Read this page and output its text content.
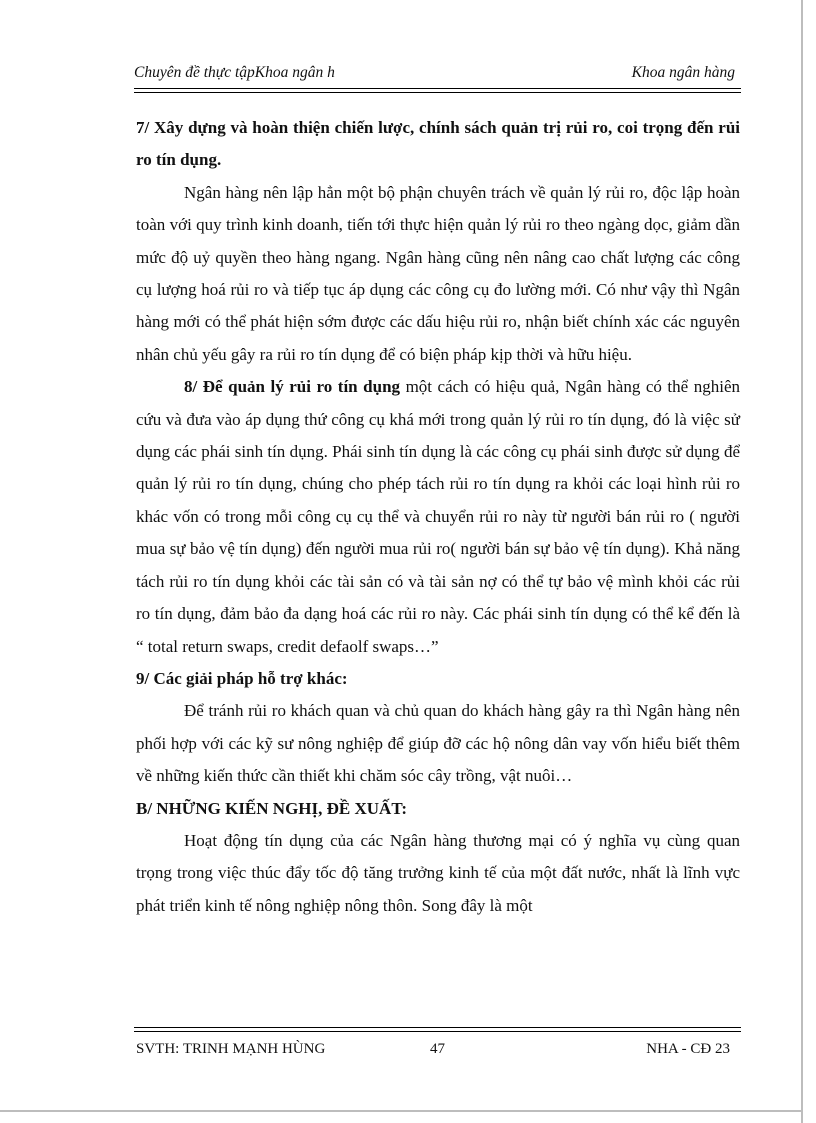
Chuyên đề thực tậpKhoa ngân h	Khoa ngân hàng

7/ Xây dựng và hoàn thiện chiến lược, chính sách quản trị rủi ro, coi trọng đến rủi ro tín dụng.

Ngân hàng nên lập hẳn một bộ phận chuyên trách về quản lý rủi ro, độc lập hoàn toàn với quy trình kinh doanh, tiến tới thực hiện quản lý rủi ro theo ngàng dọc, giảm dần mức độ uỷ quyền theo hàng ngang. Ngân hàng cũng nên nâng cao chất lượng các công cụ lượng hoá rủi ro và tiếp tục áp dụng các công cụ đo lường mới. Có như vậy thì Ngân hàng mới có thể phát hiện sớm được các dấu hiệu rủi ro, nhận biết chính xác các nguyên nhân chủ yếu gây ra rủi ro tín dụng để có biện pháp kịp thời và hữu hiệu.

8/ Để quản lý rủi ro tín dụng một cách có hiệu quả, Ngân hàng có thể nghiên cứu và đưa vào áp dụng thứ công cụ khá mới trong quản lý rủi ro tín dụng, đó là việc sử dụng các phái sinh tín dụng. Phái sinh tín dụng là các công cụ phái sinh được sử dụng để quản lý rủi ro tín dụng, chúng cho phép tách rủi ro tín dụng ra khỏi các loại hình rủi ro khác vốn có trong mỗi công cụ cụ thể và chuyển rủi ro này từ người bán rủi ro ( người mua sự bảo vệ tín dụng) đến người mua rủi ro( người bán sự bảo vệ tín dụng). Khả năng tách rủi ro tín dụng khỏi các tài sản có và tài sản nợ có thể tự bảo vệ mình khỏi các rủi ro tín dụng, đảm bảo đa dạng hoá các rủi ro này. Các phái sinh tín dụng có thể kể đến là “ total return swaps, credit defaolf swaps…”

9/ Các giải pháp hỗ trợ khác:

Để tránh rủi ro khách quan và chủ quan do khách hàng gây ra thì Ngân hàng nên phối hợp với các kỹ sư nông nghiệp để giúp đỡ các hộ nông dân vay vốn hiểu biết thêm về những kiến thức cần thiết khi chăm sóc cây trồng, vật nuôi…

B/ NHỮNG KIẾN NGHỊ, ĐỀ XUẤT:

Hoạt động tín dụng của các Ngân hàng thương mại có ý nghĩa vụ cùng quan trọng trong việc thúc đẩy tốc độ tăng trưởng kinh tế của một đất nước, nhất là lĩnh vực phát triển kinh tế nông nghiệp nông thôn. Song đây là một

SVTH: TRINH MẠNH HÙNG	47	NHA - CĐ 23
